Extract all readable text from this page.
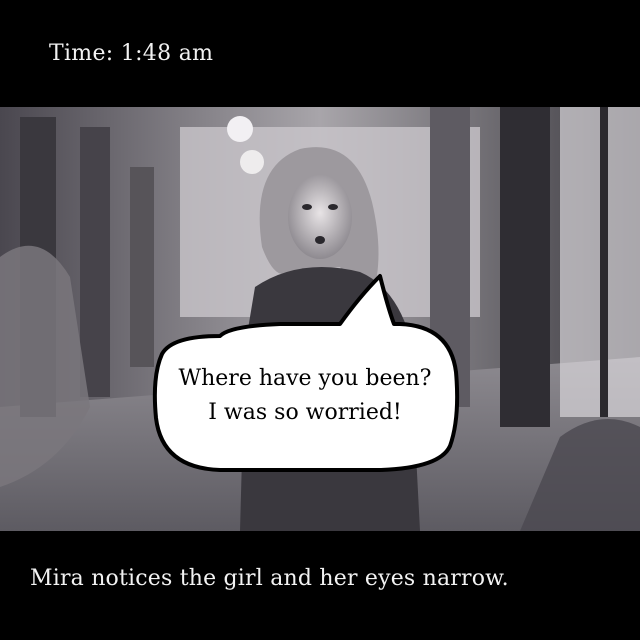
Time: 1:48 am
Mira notices the girl and her eyes narrow.
Where have you been?
I was so worried!
